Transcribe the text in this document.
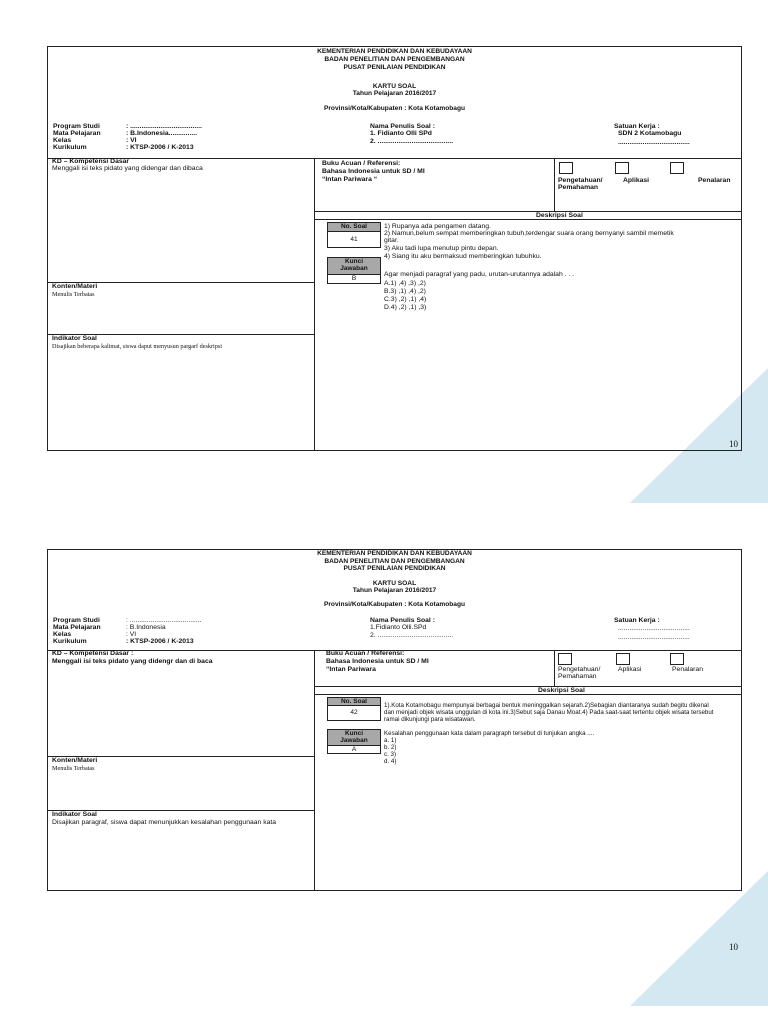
KEMENTERIAN PENDIDIKAN DAN KEBUDAYAAN
BADAN PENELITIAN DAN PENGEMBANGAN
PUSAT PENILAIAN PENDIDIKAN
KARTU SOAL
Tahun Pelajaran 2016/2017
Provinsi/Kota/Kabupaten : Kota Kotamobagu
Program Studi	: ......................................
Mata Pelajaran	: B.Indonesia...............
Kelas	: VI
Kurikulum	: KTSP-2006 / K-2013
Nama Penulis Soal :
1. Fidianto Olli SPd
2. ........................................
Satuan Kerja :
SDN 2 Kotamobagu
......................................
KD – Kompetensi Dasar
Menggali isi teks pidato yang didengar dan dibaca
Konten/Materi
Menulis Terbatas
Indikator Soal
Disajikan beberapa kalimat, siswa daput menyusun pargarf deskripsi
Buku Acuan / Referensi:
Bahasa Indonesia untuk SD / MI
“Intan Pariwara “	Pengetahuan/
Pemahaman
Aplikasi	Penalaran
Deskripsi Soal
No. Soal
41
Kunci
Jawaban
B
1) Rupanya ada pengamen datang.
2) Namun,belum sempat memberingkan tubuh,terdengar suara orang bernyanyi sambil memetik
gitar.
3) Aku tadi lupa menutup pintu depan.
4) Siang itu aku bermaksud memberingkan tubuhku.
Agar menjadi paragraf yang padu, urutan-urutannya adalah . . .
A.1) ,4) ,3) ,2)
B.3) ,1) ,4) ,2)
C.3) ,2) ,1) ,4)
D.4) ,2) ,1) ,3)
10
KEMENTERIAN PENDIDIKAN DAN KEBUDAYAAN
BADAN PENELITIAN DAN PENGEMBANGAN
PUSAT PENILAIAN PENDIDIKAN
KARTU SOAL
Tahun Pelajaran 2016/2017
Provinsi/Kota/Kabupaten : Kota Kotamobagu
Program Studi	: ......................................
Mata Pelajaran	: B.Indonesia
Kelas	: VI
Kurikulum	: KTSP-2006 / K-2013
Nama Penulis Soal :
1.Fidianto Olli.SPd
2. ........................................
Satuan Kerja :
......................................
......................................
KD – Kompetensi Dasar :
Menggali isi teks pidato yang didengr dan di baca
Konten/Materi
Menulis Terbatas
Indikator Soal
Disajikan paragraf, siswa dapat menunjukkan kesalahan penggunaan kata
Buku Acuan / Referensi:
Bahasa Indonesia untuk SD / MI
“Intan Pariwara	Pengetahuan/
Pemahaman
Aplikasi	Penalaran
Deskripsi Soal
No. Soal
42
Kunci
Jawaban
A
1).Kota Kotamobagu mempunyai berbagai bentuk meninggalkan sejarah.2)Sebagian diantaranya sudah begitu dikenal
dan menjadi objek wisata unggulan di kota ini.3)Sebut saja Danau Moat.4) Pada saat-saat tertentu objek wisata tersebut
ramai dikunjungi para wisatawan.
Kesalahan penggunaan kata dalam paragraph tersebut di tunjukan angka ....
a. 1)
b. 2)
c. 3)
d. 4)
10
